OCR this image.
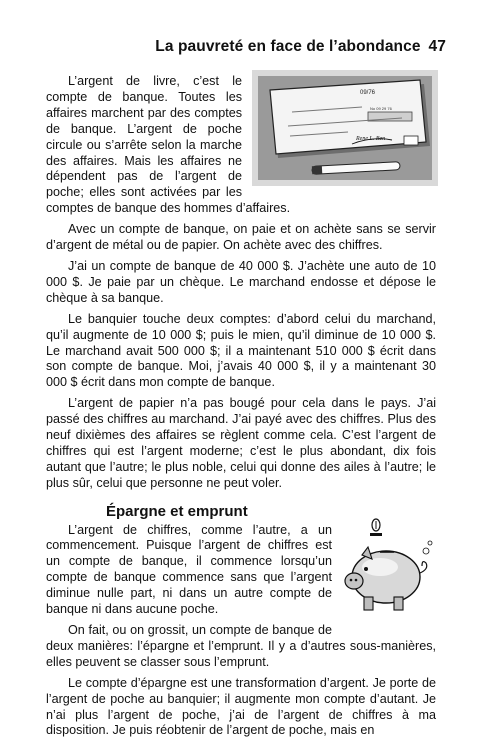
La pauvreté en face de l’abondance 47
09/76
No 09 29 76
Rene L. Ben

L’argent de livre, c’est le compte de banque. Toutes les affaires marchent par des comptes de banque. L’argent de poche circule ou s’arrête selon la marche des affaires. Mais les affaires ne dépendent pas de l’argent de poche; elles sont activées par les comptes de banque des hommes d’affaires.

Avec un compte de banque, on paie et on achète sans se servir d’argent de métal ou de papier. On achète avec des chiffres.

J’ai un compte de banque de 40 000 $. J’achète une auto de 10 000 $. Je paie par un chèque. Le marchand endosse et dépose le chèque à sa banque.

Le banquier touche deux comptes: d’abord celui du marchand, qu’il augmente de 10 000 $; puis le mien, qu’il diminue de 10 000 $. Le marchand avait 500 000 $; il a maintenant 510 000 $ écrit dans son compte de banque. Moi, j’avais 40 000 $, il y a maintenant 30 000 $ écrit dans mon compte de banque.

L’argent de papier n’a pas bougé pour cela dans le pays. J’ai passé des chiffres au marchand. J’ai payé avec des chiffres. Plus des neuf dixièmes des affaires se règlent comme cela. C’est l’argent de chiffres qui est l’argent moderne; c’est le plus abondant, dix fois autant que l’autre; le plus noble, celui qui donne des ailes à l’autre; le plus sûr, celui que personne ne peut voler.

Épargne et emprunt

L’argent de chiffres, comme l’autre, a un commencement. Puisque l’argent de chiffres est un compte de banque, il commence lorsqu’un compte de banque commence sans que l’argent diminue nulle part, ni dans un autre compte de banque ni dans aucune poche.

On fait, ou on grossit, un compte de banque de deux manières: l’épargne et l’emprunt. Il y a d’autres sous-manières, elles peuvent se classer sous l’emprunt.

Le compte d’épargne est une transformation d’argent. Je porte de l’argent de poche au banquier; il augmente mon compte d’autant. Je n’ai plus l’argent de poche, j’ai de l’argent de chiffres à ma disposition. Je puis réobtenir de l’argent de poche, mais en
